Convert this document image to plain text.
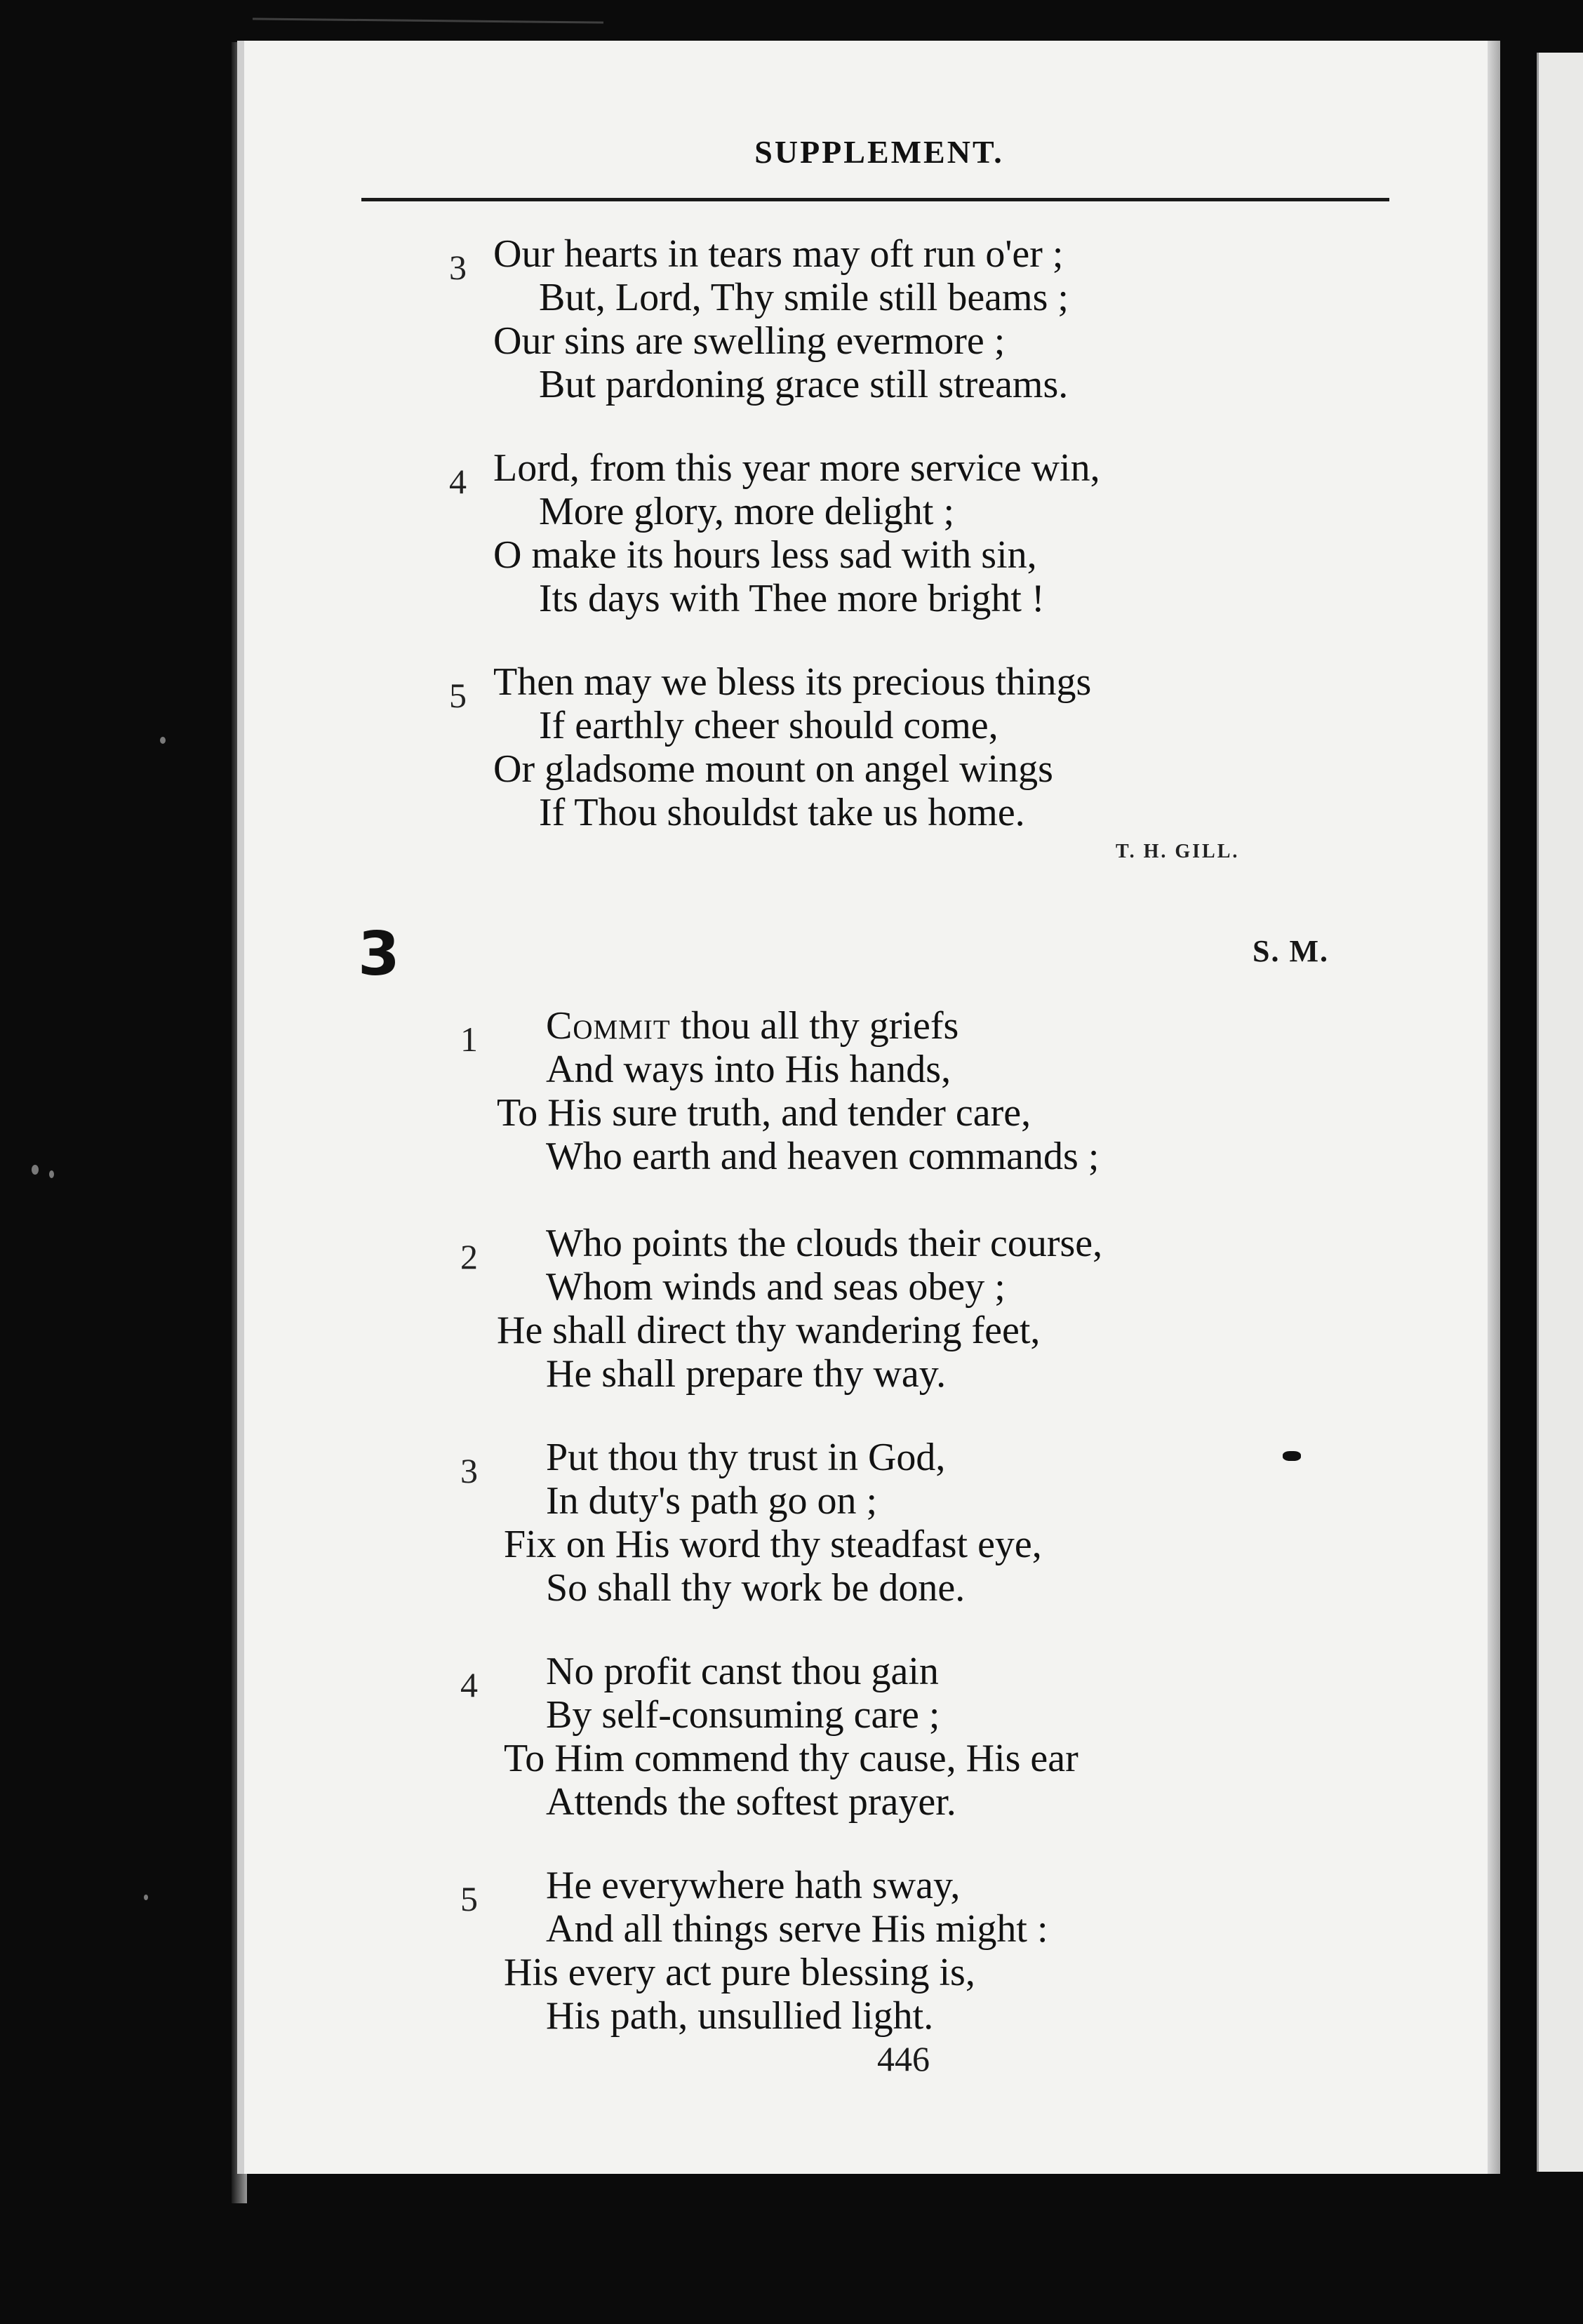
SUPPLEMENT.
3 Our hearts in tears may oft run o'er ;
But, Lord, Thy smile still beams ;
Our sins are swelling evermore ;
But pardoning grace still streams.
4 Lord, from this year more service win,
More glory, more delight ;
O make its hours less sad with sin,
Its days with Thee more bright !
5 Then may we bless its precious things
If earthly cheer should come,
Or gladsome mount on angel wings
If Thou shouldst take us home.
T. H. GILL.
3	S. M.
1 Commit thou all thy griefs
And ways into His hands,
To His sure truth, and tender care,
Who earth and heaven commands ;
2 Who points the clouds their course,
Whom winds and seas obey ;
He shall direct thy wandering feet,
He shall prepare thy way.
3 Put thou thy trust in God,
In duty's path go on ;
Fix on His word thy steadfast eye,
So shall thy work be done.
4 No profit canst thou gain
By self-consuming care ;
To Him commend thy cause, His ear
Attends the softest prayer.
5 He everywhere hath sway,
And all things serve His might :
His every act pure blessing is,
His path, unsullied light.
446
